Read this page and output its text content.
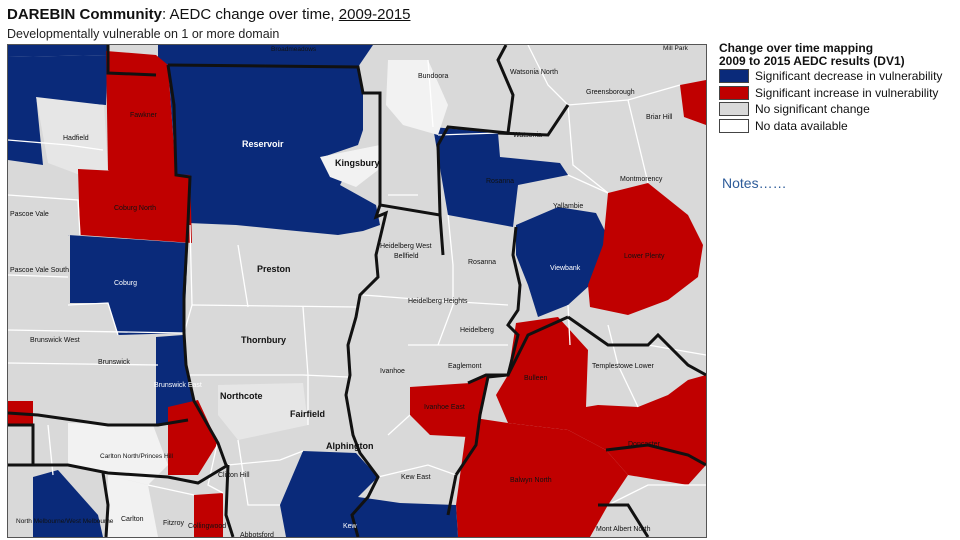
DAREBIN Community: AEDC change over time, 2009-2015
Developmentally vulnerable on 1 or more domain
Broadmeadows	Mill Park
Fawkner
Bundoora
Watsonia North
Greensborough
Briar Hill
Hadfield
Reservoir
Kingsbury
Watsonia
Rosanna	Montmorency
Pascoe Vale
Coburg North	Yallambie
Heidelberg West
Bellfield	Lower Plenty
Pascoe Vale South
Coburg
Preston
Rosanna
Viewbank
Ivanhoe
Heidelberg Heights
Heidelberg
Brunswick West	Thornbury
Templestowe Lower
Brunswick
Eaglemont
Bulleen
Brunswick East
Northcote
Ivanhoe East
Fairfield
Doncaster
Alphington
Carlton North/Princes Hill
Kew East	Balwyn North
Clifton Hill
North Melbourne/West Melbourne Carlton
Fitzroy Collingwood	Kew	Mont Albert North
Abbotsford
Change over time mapping
2009 to 2015 AEDC results (DV1)
Significant decrease in vulnerability
Significant increase in vulnerability
No significant change
No data available
Notes……
